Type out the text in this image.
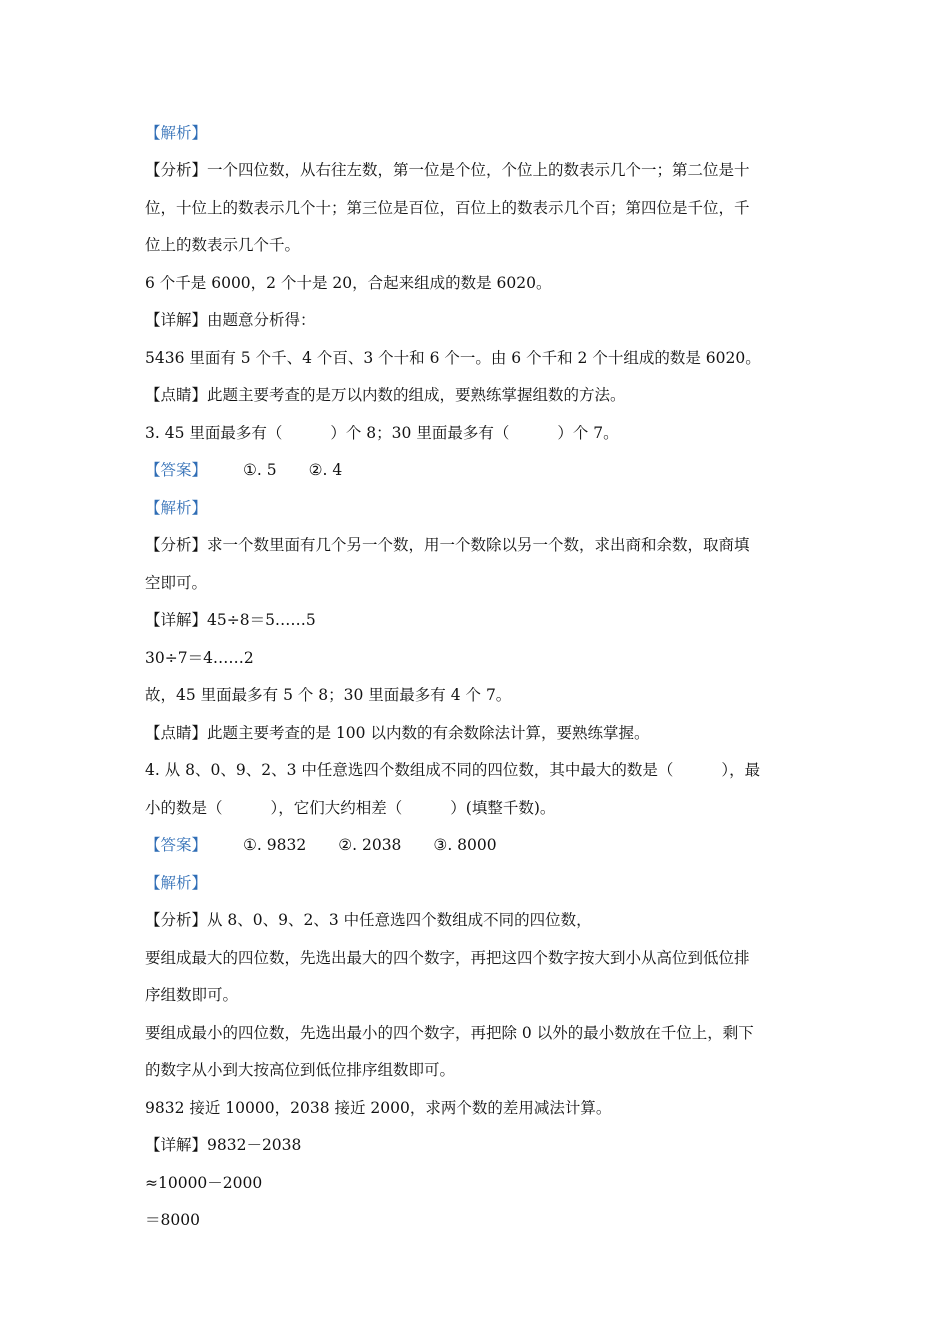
【解析】
【分析】一个四位数，从右往左数，第一位是个位，个位上的数表示几个一；第二位是十
位，十位上的数表示几个十；第三位是百位，百位上的数表示几个百；第四位是千位，千
位上的数表示几个千。
6 个千是 6000，2 个十是 20，合起来组成的数是 6020。
【详解】由题意分析得：
5436 里面有 5 个千、4 个百、3 个十和 6 个一。由 6 个千和 2 个十组成的数是 6020。
【点睛】此题主要考查的是万以内数的组成，要熟练掌握组数的方法。
3. 45 里面最多有（	）个 8；30 里面最多有（	）个 7。
【答案】 ①. 5 ②. 4
【解析】
【分析】求一个数里面有几个另一个数，用一个数除以另一个数，求出商和余数，取商填
空即可。
【详解】45÷8＝5……5
30÷7＝4……2
故，45 里面最多有 5 个 8；30 里面最多有 4 个 7。
【点睛】此题主要考查的是 100 以内数的有余数除法计算，要熟练掌握。
4. 从 8、0、9、2、3 中任意选四个数组成不同的四位数，其中最大的数是（	），最
小的数是（	），它们大约相差（	）(填整千数)。
【答案】 ①. 9832 ②. 2038 ③. 8000
【解析】
【分析】从 8、0、9、2、3 中任意选四个数组成不同的四位数，
要组成最大的四位数，先选出最大的四个数字，再把这四个数字按大到小从高位到低位排
序组数即可。
要组成最小的四位数，先选出最小的四个数字，再把除 0 以外的最小数放在千位上，剩下
的数字从小到大按高位到低位排序组数即可。
9832 接近 10000，2038 接近 2000，求两个数的差用减法计算。
【详解】9832－2038
≈10000－2000
＝8000
